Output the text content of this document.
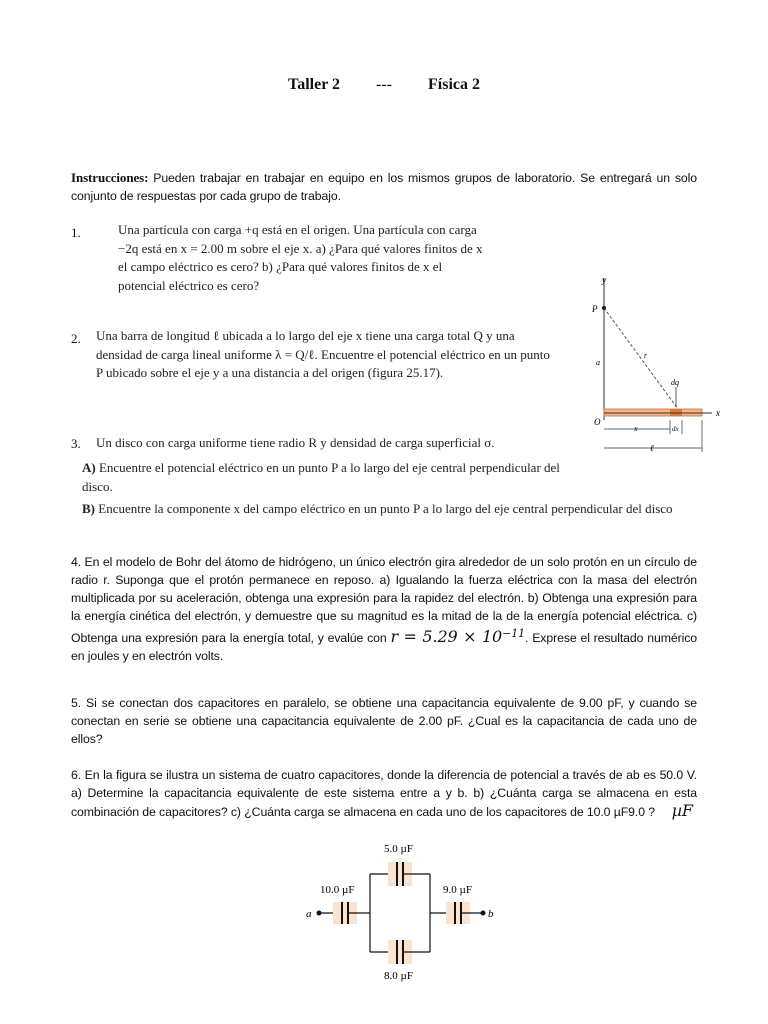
Taller 2 --- Física 2
Instrucciones: Pueden trabajar en trabajar en equipo en los mismos grupos de laboratorio. Se entregará un solo conjunto de respuestas por cada grupo de trabajo.
1.	Una partícula con carga +q está en el origen. Una partícula con carga −2q está en x = 2.00 m sobre el eje x. a) ¿Para qué valores finitos de x el campo eléctrico es cero? b) ¿Para qué valores finitos de x el potencial eléctrico es cero?
2. Una barra de longitud ℓ ubicada a lo largo del eje x tiene una carga total Q y una densidad de carga lineal uniforme λ = Q/ℓ. Encuentre el potencial eléctrico en un punto P ubicado sobre el eje y a una distancia a del origen (figura 25.17).
3. Un disco con carga uniforme tiene radio R y densidad de carga superficial σ.
A) Encuentre el potencial eléctrico en un punto P a lo largo del eje central perpendicular del disco.
B) Encuentre la componente x del campo eléctrico en un punto P a lo largo del eje central perpendicular del disco
y
P
a
r
dq
x
O
x	dx
ℓ
4. En el modelo de Bohr del átomo de hidrógeno, un único electrón gira alrededor de un solo protón en un círculo de radio r. Suponga que el protón permanece en reposo. a) Igualando la fuerza eléctrica con la masa del electrón multiplicada por su aceleración, obtenga una expresión para la rapidez del electrón. b) Obtenga una expresión para la energía cinética del electrón, y demuestre que su magnitud es la mitad de la de la energía potencial eléctrica. c) Obtenga una expresión para la energía total, y evalúe con $r = 5.29 \times 10^{-11}$. Exprese el resultado numérico en joules y en electrón volts.
5. Si se conectan dos capacitores en paralelo, se obtiene una capacitancia equivalente de 9.00 pF, y cuando se conectan en serie se obtiene una capacitancia equivalente de 2.00 pF. ¿Cual es la capacitancia de cada uno de ellos?
6. En la figura se ilustra un sistema de cuatro capacitores, donde la diferencia de potencial a través de ab es 50.0 V. a) Determine la capacitancia equivalente de este sistema entre a y b. b) ¿Cuánta carga se almacena en esta combinación de capacitores? c) ¿Cuánta carga se almacena en cada uno de los capacitores de 10.0 µF9.0 ?     µF
5.0 µF
10.0 µF	9.0 µF
8.0 µF
a	b
